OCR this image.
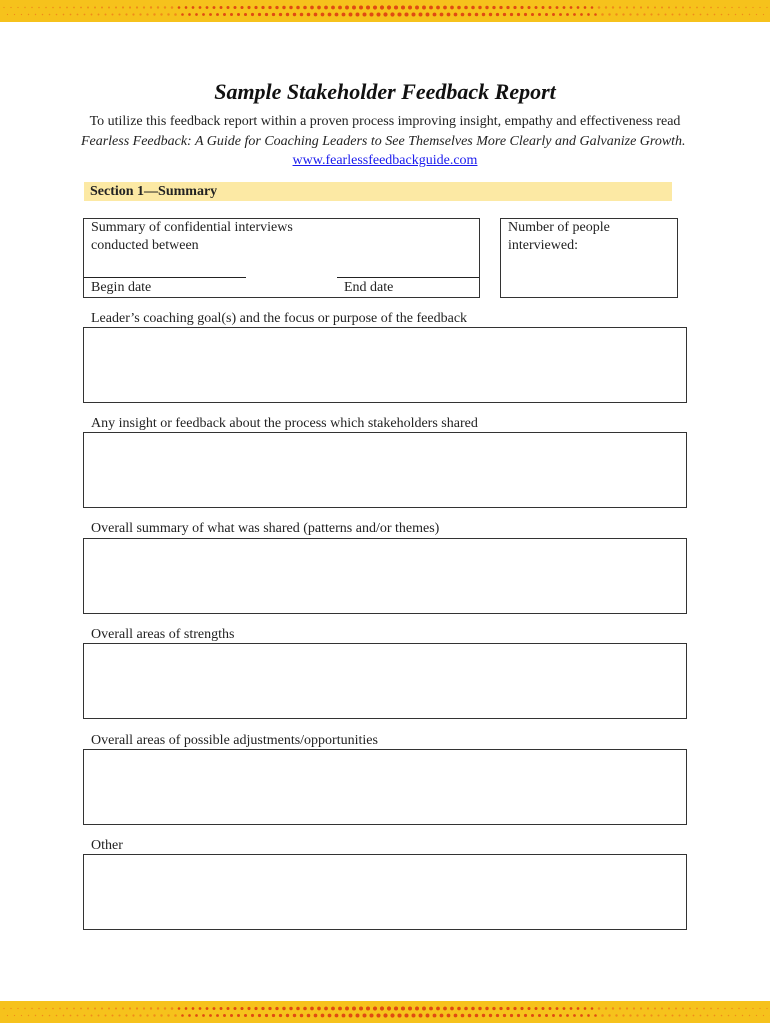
Sample Stakeholder Feedback Report
To utilize this feedback report within a proven process improving insight, empathy and effectiveness read Fearless Feedback: A Guide for Coaching Leaders to See Themselves More Clearly and Galvanize Growth.  www.fearlessfeedbackguide.com
Section 1—Summary
Summary of confidential interviews conducted between
Begin date	End date
Number of people interviewed:
Leader’s coaching goal(s) and the focus or purpose of the feedback
Any insight or feedback about the process which stakeholders shared
Overall summary of what was shared (patterns and/or themes)
Overall areas of strengths
Overall areas of possible adjustments/opportunities
Other
